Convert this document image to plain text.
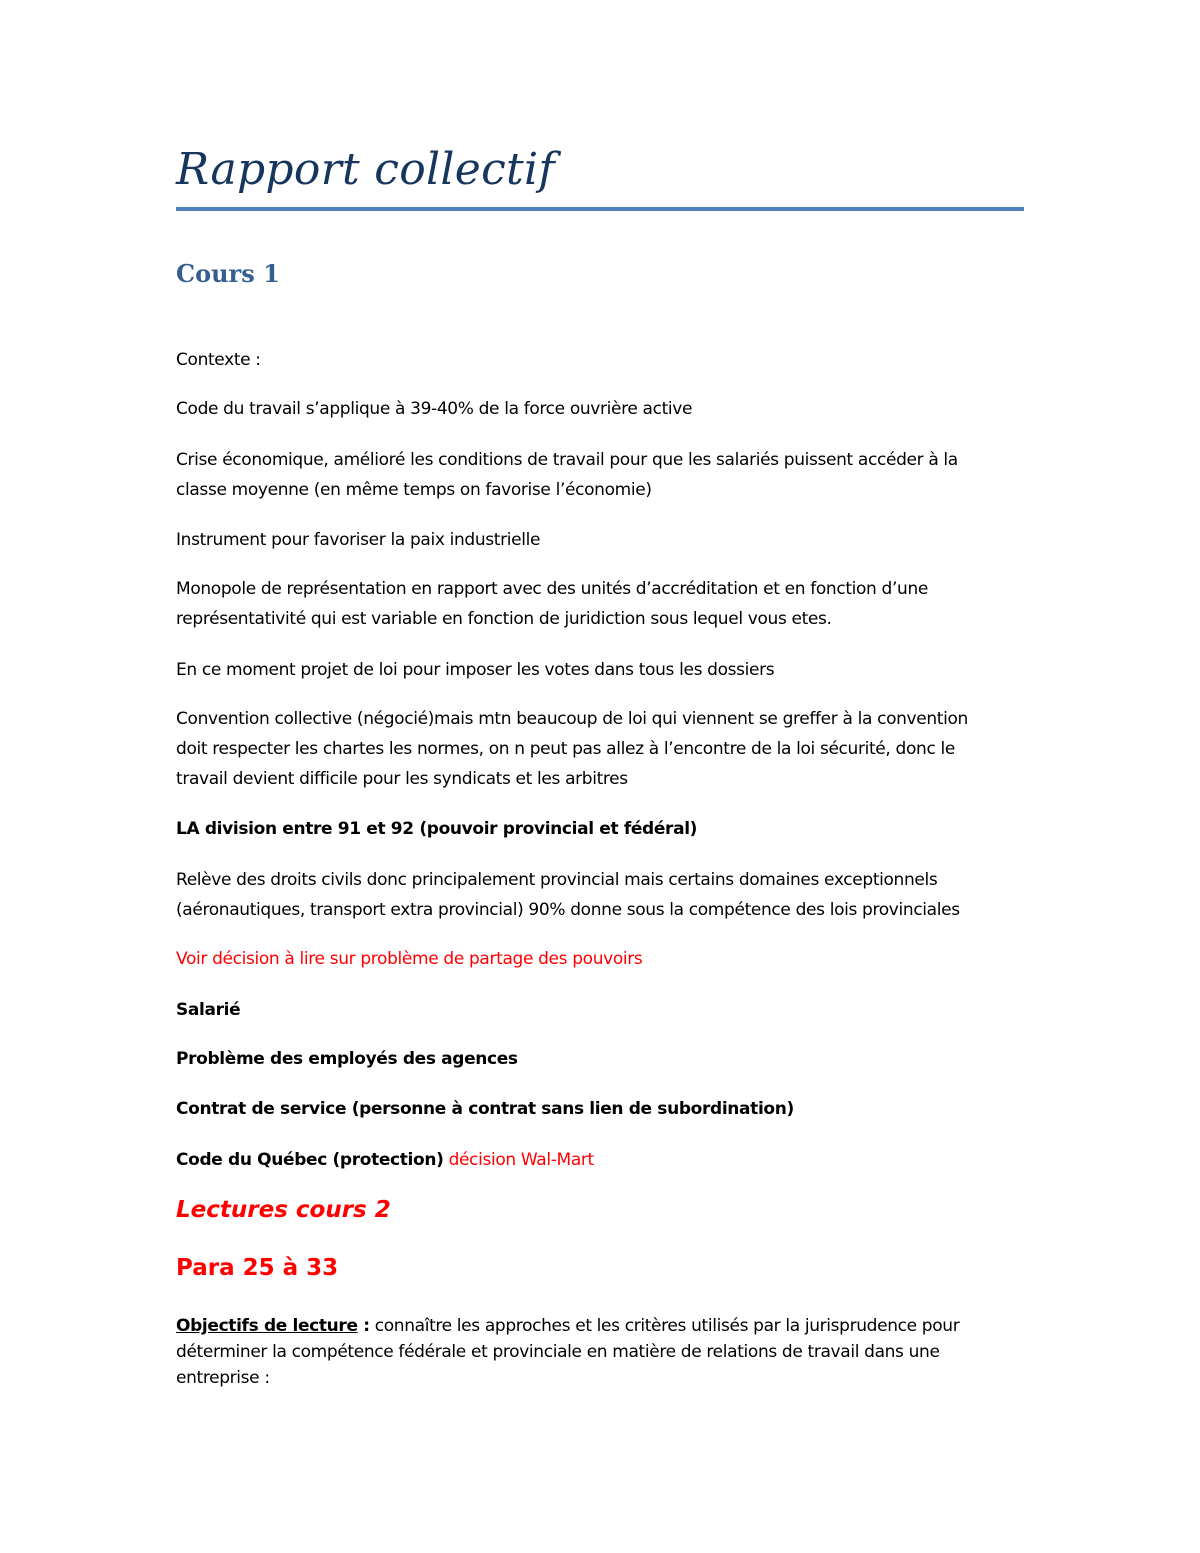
Rapport collectif
Cours 1
Contexte :
Code du travail s’applique à 39-40% de la force ouvrière active
Crise économique, amélioré les conditions de travail pour que les salariés puissent accéder à la
classe moyenne (en même temps on favorise l’économie)
Instrument pour favoriser la paix industrielle
Monopole de représentation en rapport avec des unités d’accréditation et en fonction d’une
représentativité qui est variable en fonction de juridiction sous lequel vous etes.
En ce moment projet de loi pour imposer les votes dans tous les dossiers
Convention collective (négocié)mais mtn beaucoup de loi qui viennent se greffer à la convention
doit respecter les chartes les normes, on n peut pas allez à l’encontre de la loi sécurité, donc le
travail devient difficile pour les syndicats et les arbitres
LA division entre 91 et 92 (pouvoir provincial et fédéral)
Relève des droits civils donc principalement provincial mais certains domaines exceptionnels
(aéronautiques, transport extra provincial) 90% donne sous la compétence des lois provinciales
Voir décision à lire sur problème de partage des pouvoirs
Salarié
Problème des employés des agences
Contrat de service (personne à contrat sans lien de subordination)
Code du Québec (protection) décision Wal-Mart
Lectures cours 2
Para 25 à 33
Objectifs de lecture : connaître les approches et les critères utilisés par la jurisprudence pour
déterminer la compétence fédérale et provinciale en matière de relations de travail dans une
entreprise :
